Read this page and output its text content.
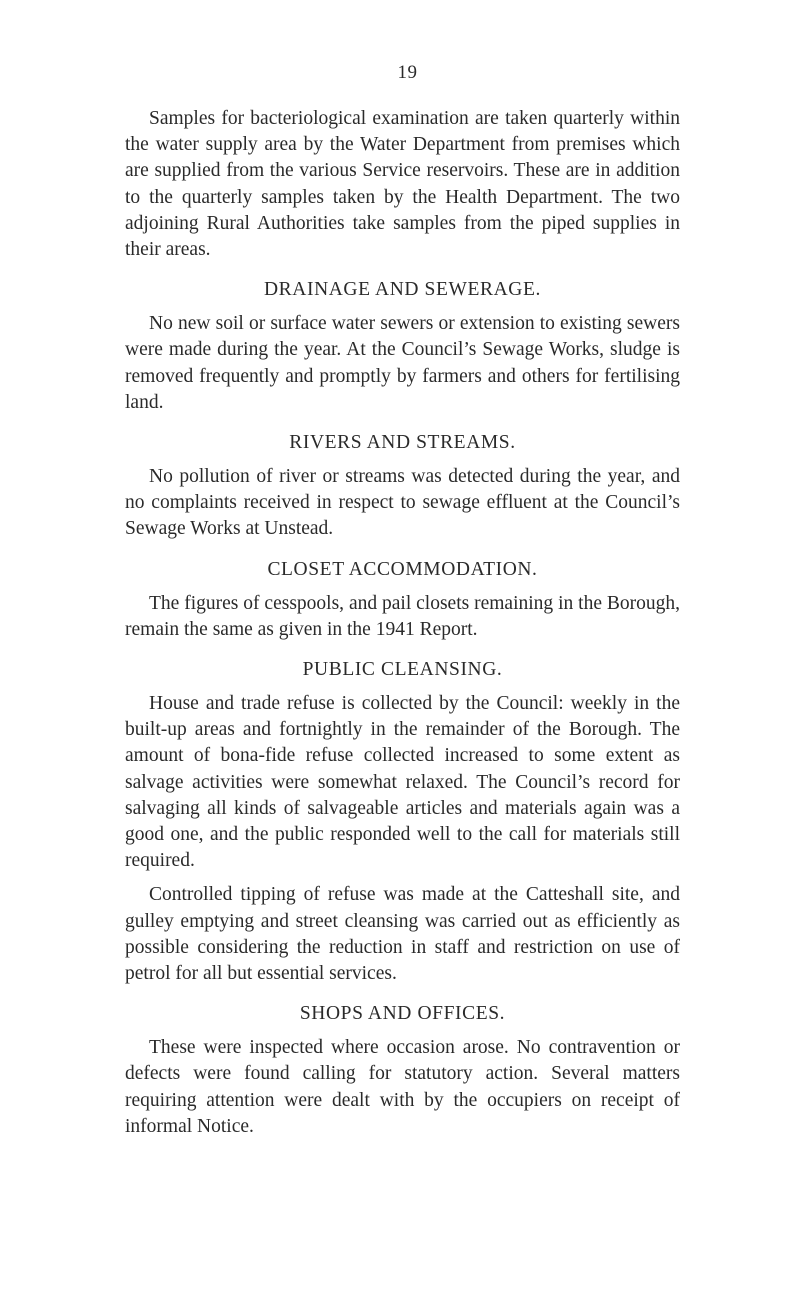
19

Samples for bacteriological examination are taken quarterly within the water supply area by the Water Department from premises which are supplied from the various Service reservoirs. These are in addition to the quarterly samples taken by the Health Department. The two adjoining Rural Authorities take samples from the piped supplies in their areas.

DRAINAGE AND SEWERAGE.

No new soil or surface water sewers or extension to existing sewers were made during the year. At the Council’s Sewage Works, sludge is removed frequently and promptly by farmers and others for fertilising land.

RIVERS AND STREAMS.

No pollution of river or streams was detected during the year, and no complaints received in respect to sewage effluent at the Council’s Sewage Works at Unstead.

CLOSET ACCOMMODATION.

The figures of cesspools, and pail closets remaining in the Borough, remain the same as given in the 1941 Report.

PUBLIC CLEANSING.

House and trade refuse is collected by the Council: weekly in the built-up areas and fortnightly in the remainder of the Borough. The amount of bona-fide refuse collected increased to some extent as salvage activities were somewhat relaxed. The Council’s record for salvaging all kinds of salvageable articles and materials again was a good one, and the public responded well to the call for materials still required.

Controlled tipping of refuse was made at the Catteshall site, and gulley emptying and street cleansing was carried out as efficiently as possible considering the reduction in staff and restriction on use of petrol for all but essential services.

SHOPS AND OFFICES.

These were inspected where occasion arose. No contravention or defects were found calling for statutory action. Several matters requiring attention were dealt with by the occupiers on receipt of informal Notice.
